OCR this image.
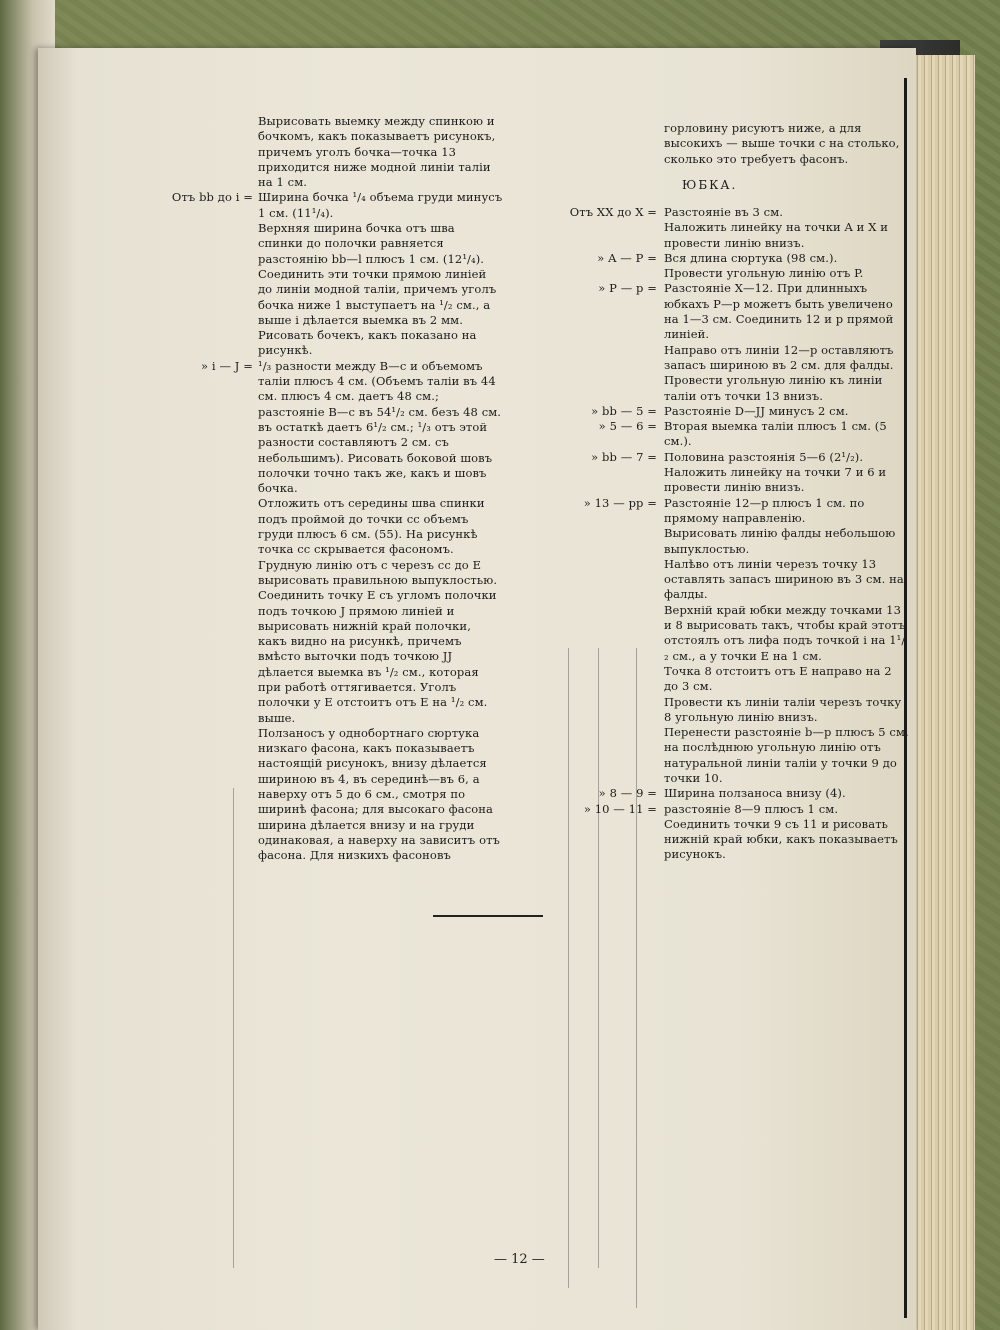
Вырисовать выемку между спинкою и бочкомъ, какъ показываетъ рисунокъ, причемъ уголъ бочка—точка 13 приходится ниже модной линіи таліи на 1 см.
Отъ bb до i = Ширина бочка ¹/₄ объема груди минусъ 1 см. (11¹/₄).
Верхняя ширина бочка отъ шва спинки до полочки равняется разстоянію bb—l плюсъ 1 см. (12¹/₄). Соединить эти точки прямою линіей до линіи модной таліи, причемъ уголъ бочка ниже 1 выступаетъ на ¹/₂ см., а выше i дѣлается выемка въ 2 мм.
Рисовать бочекъ, какъ показано на рисункѣ.
» i — J = ¹/₃ разности между B—c и объемомъ таліи плюсъ 4 см. (Объемъ таліи въ 44 см. плюсъ 4 см. даетъ 48 см.; разстояніе B—c въ 54¹/₂ см. безъ 48 см. въ остаткѣ даетъ 6¹/₂ см.; ¹/₃ отъ этой разности составляютъ 2 см. съ небольшимъ). Рисовать боковой шовъ полочки точно такъ же, какъ и шовъ бочка.
Отложить отъ середины шва спинки подъ проймой до точки cc объемъ груди плюсъ 6 см. (55). На рисункѣ точка cc скрывается фасономъ.
Грудную линію отъ c черезъ cc до E вырисовать правильною выпуклостью.
Соединить точку E съ угломъ полочки подъ точкою J прямою линіей и вырисовать нижній край полочки, какъ видно на рисункѣ, причемъ вмѣсто выточки подъ точкою JJ дѣлается выемка въ ¹/₂ см., которая при работѣ оттягивается. Уголъ полочки у E отстоитъ отъ E на ¹/₂ см. выше.
Ползаносъ у однобортнаго сюртука низкаго фасона, какъ показываетъ настоящій рисунокъ, внизу дѣлается шириною въ 4, въ серединѣ—въ 6, а наверху отъ 5 до 6 см., смотря по ширинѣ фасона; для высокаго фасона ширина дѣлается внизу и на груди одинаковая, а наверху на зависитъ отъ фасона. Для низкихъ фасоновъ
горловину рисуютъ ниже, а для высокихъ — выше точки c на столько, сколько это требуетъ фасонъ.
ЮБКА.
Отъ XX до X = Разстояніе въ 3 см.
Наложить линейку на точки A и X и провести линію внизъ.
» A — P = Вся длина сюртука (98 см.).
Провести угольную линію отъ P.
» P — p = Разстояніе X—12. При длинныхъ юбкахъ P—p можетъ быть увеличено на 1—3 см. Соединить 12 и p прямой линіей.
Направо отъ линіи 12—p оставляютъ запасъ шириною въ 2 см. для фалды.
Провести угольную линію къ линіи таліи отъ точки 13 внизъ.
» bb — 5 = Разстояніе D—JJ минусъ 2 см.
» 5 — 6 = Вторая выемка таліи плюсъ 1 см. (5 см.).
» bb — 7 = Половина разстоянія 5—6 (2¹/₂).
Наложить линейку на точки 7 и 6 и провести линію внизъ.
» 13 — pp = Разстояніе 12—p плюсъ 1 см. по прямому направленію.
Вырисовать линію фалды небольшою выпуклостью.
Налѣво отъ линіи черезъ точку 13 оставлять запасъ шириною въ 3 см. на фалды.
Верхній край юбки между точками 13 и 8 вырисовать такъ, чтобы край этотъ отстоялъ отъ лифа подъ точкой i на 1¹/₂ см., а у точки E на 1 см.
Точка 8 отстоитъ отъ E направо на 2 до 3 см.
Провести къ линіи таліи черезъ точку 8 угольную линію внизъ.
Перенести разстояніе b—p плюсъ 5 см. на послѣднюю угольную линію отъ натуральной линіи таліи у точки 9 до точки 10.
» 8 — 9 = Ширина ползаноса внизу (4).
» 10 — 11 = разстояніе 8—9 плюсъ 1 см.
Соединить точки 9 съ 11 и рисовать нижній край юбки, какъ показываетъ рисунокъ.
— 12 —
